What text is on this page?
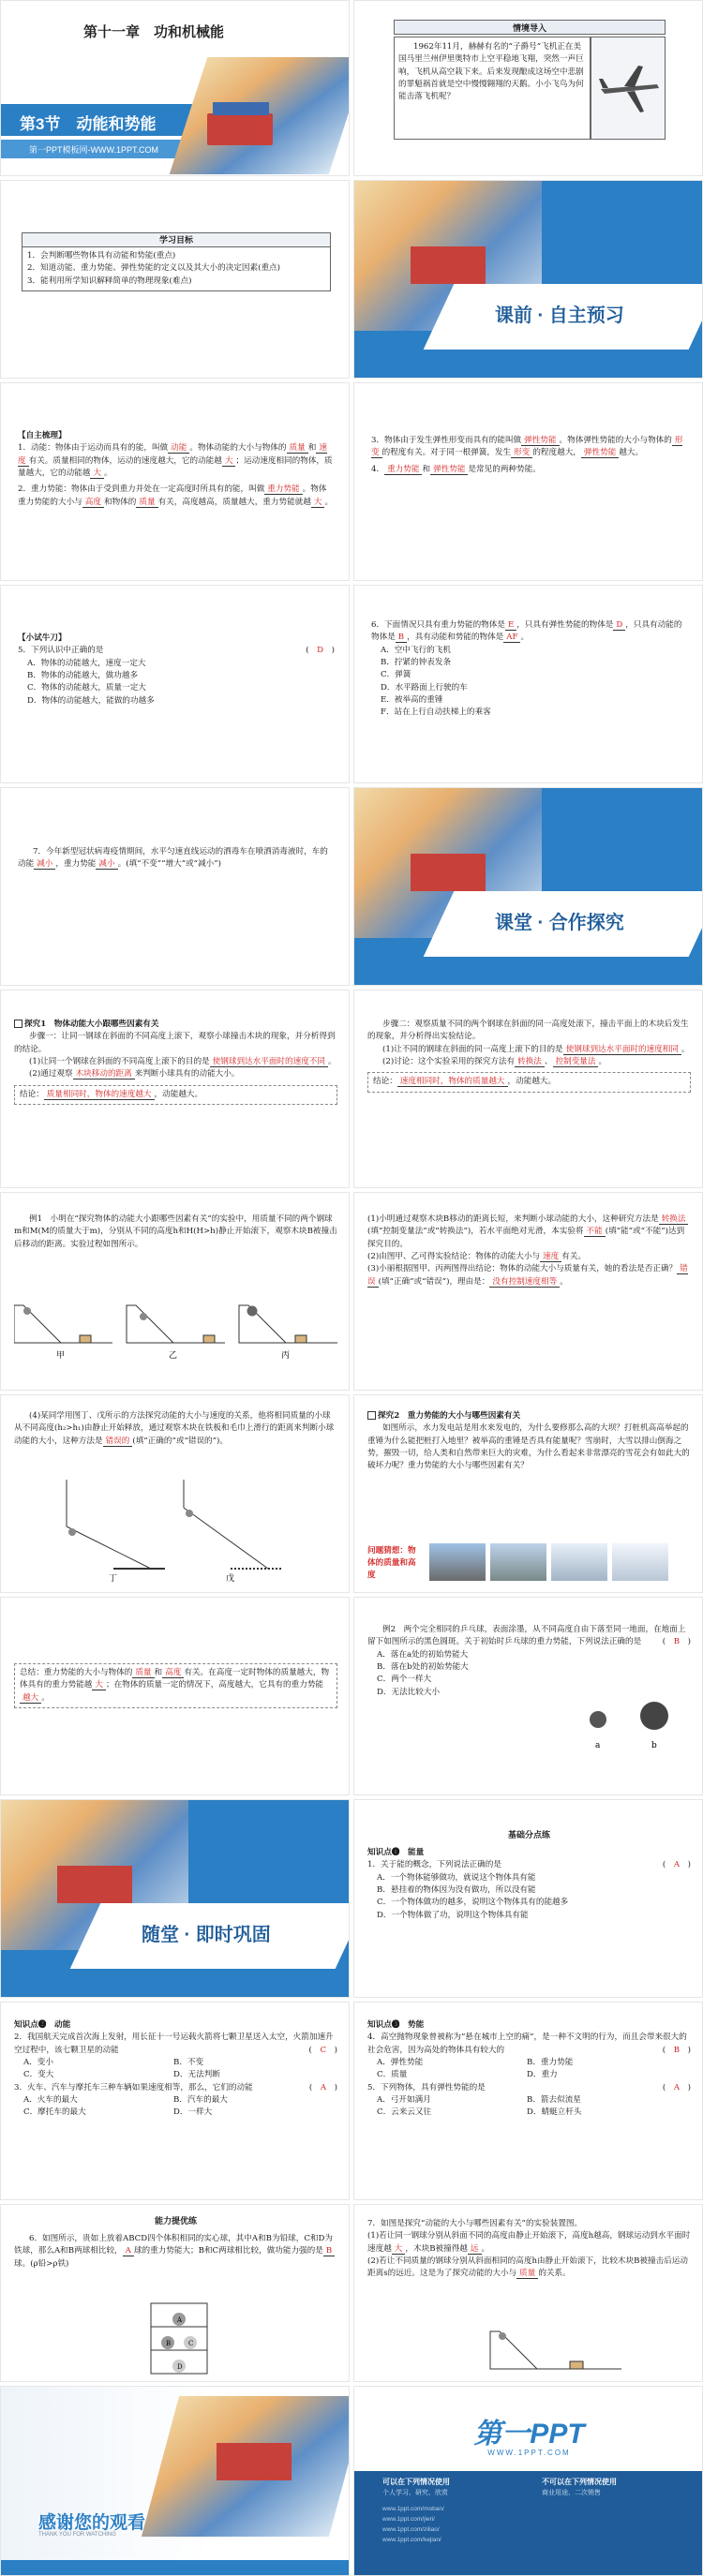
第十一章　功和机械能
第3节　动能和势能
第一PPT模板网-WWW.1PPT.COM
情境导入
1962年11月，赫赫有名的“子爵号”飞机正在美国马里兰州伊里奥特市上空平稳地飞翔，突然一声巨响，飞机从高空栽下来。后来发现酿成这场空中悲剧的罪魁祸首就是空中慢慢翱翔的天鹅。小小飞鸟为何能击落飞机呢？
学习目标
1．会判断哪些物体具有动能和势能(重点)
2．知道动能、重力势能、弹性势能的定义以及其大小的决定因素(重点)
3．能利用所学知识解释简单的物理现象(难点)
课前 · 自主预习
【自主梳理】
1．动能：物体由于运动而具有的能，叫做 动能 。物体动能的大小与物体的 质量 和 速度 有关。质量相同的物体，运动的速度越大，它的动能越 大 ；运动速度相同的物体，质量越大，它的动能越 大 。
2．重力势能：物体由于受到重力并处在一定高度时所具有的能，叫做 重力势能 。物体重力势能的大小与 高度 和物体的 质量 有关，高度越高，质量越大，重力势能就越 大 。
3．物体由于发生弹性形变而具有的能叫做 弹性势能 。物体弹性势能的大小与物体的 形变 的程度有关。对于同一根弹簧，发生 形变 的程度越大， 弹性势能 越大。
4． 重力势能 和 弹性势能 是常见的两种势能。
【小试牛刀】
5．下列认识中正确的是	(　D　)
A．物体的动能越大，速度一定大
B．物体的动能越大，做功越多
C．物体的动能越大，质量一定大
D．物体的动能越大，能做的功越多
6．下面情况只具有重力势能的物体是 E ，只具有弹性势能的物体是 D ，只具有动能的物体是 B ，具有动能和势能的物体是 AF 。
A．空中飞行的飞机
B．拧紧的钟表发条
C．弹簧
D．水平路面上行驶的车
E．被举高的重锤
F．站在上行自动扶梯上的乘客
7．今年新型冠状病毒疫情期间，水平匀速直线运动的洒毒车在喷洒消毒液时，车的动能 减小 ，重力势能 减小 。(填“不变”“增大”或“减小”)
课堂 · 合作探究
探究1　物体动能大小跟哪些因素有关
步骤一：让同一钢球在斜面的不同高度上滚下，观察小球撞击木块的现象，并分析得到的结论。
(1)让同一个钢球在斜面的不同高度上滚下的目的是 使钢球到达水平面时的速度不同 。
(2)通过观察 木块移动的距离 来判断小球具有的动能大小。
结论： 质量相同时，物体的速度越大 ，动能越大。
步骤二：观察质量不同的两个钢球在斜面的同一高度处滚下，撞击平面上的木块后发生的现象，并分析得出实验结论。
(1)让不同的钢球在斜面的同一高度上滚下的目的是 使钢球到达水平面时的速度相同 。
(2)讨论：这个实验采用的探究方法有 转换法 、 控制变量法 。
结论： 速度相同时，物体的质量越大 ，动能越大。
例1　小明在“探究物体的动能大小跟哪些因素有关”的实验中，用质量不同的两个钢球m和M(M的质量大于m)，分别从不同的高度h和H(H>h)静止开始滚下，观察木块B被撞击后移动的距离。实验过程如图所示。
甲	乙	丙
(1)小明通过观察木块B移动的距离长短，来判断小球动能的大小，这种研究方法是 转换法(填“控制变量法”或“转换法”)，若水平面绝对光滑，本实验将 不能 (填“能”或“不能”)达到探究目的。
(2)由图甲、乙可得实验结论：物体的动能大小与 速度 有关。
(3)小丽根据图甲、丙两图得出结论：物体的动能大小与质量有关，她的看法是否正确？ 错误 (填“正确”或“错误”)，理由是： 没有控制速度相等 。
(4)某同学用图丁、戊所示的方法探究动能的大小与速度的关系，他将相同质量的小球从不同高度(h₂>h₁)由静止开始释放，通过观察木块在铁板和毛巾上滑行的距离来判断小球动能的大小，这种方法是 错误的 (填“正确的”或“错误的”)。
丁	戊
探究2　重力势能的大小与哪些因素有关
如图所示，水力发电站是用水来发电的，为什么要修那么高的大坝？打桩机高高举起的重锤为什么能把桩打入地里？被举高的重锤是否具有能量呢？雪崩时，大雪以排山倒海之势，摧毁一切，给人类和自然带来巨大的灾难，为什么看起来非常漂亮的雪花会有如此大的破坏力呢？重力势能的大小与哪些因素有关？
问题猜想：物体的质量和高度
总结：重力势能的大小与物体的 质量 和 高度 有关。在高度一定时物体的质量越大，物体具有的重力势能越 大 ；在物体的质量一定的情况下，高度越大，它具有的重力势能越大 。
例2　两个完全相同的乒乓球，表面涂墨，从不同高度自由下落至同一地面，在地面上留下如图所示的黑色圆斑。关于初始时乒乓球的重力势能，下列说法正确的是	(　B　)
A．落在a处的初始势能大
B．落在b处的初始势能大
C．两个一样大
D．无法比较大小
a	b
随堂 · 即时巩固
基础分点练
知识点❶　能量
1．关于能的概念，下列说法正确的是	(　A　)
A．一个物体能够做功，就说这个物体具有能
B．悬挂着的物体因为没有做功，所以没有能
C．一个物体做功的越多，说明这个物体具有的能越多
D．一个物体做了功，说明这个物体具有能
知识点❷　动能
2．我国航天完成首次海上发射，用长征十一号运载火箭将七颗卫星送入太空，火箭加速升空过程中，该七颗卫星的动能	(　C　)
A．变小	B．不变
C．变大	D．无法判断
3．火车、汽车与摩托车三种车辆如果速度相等，那么，它们的动能	(　A　)
A．火车的最大	B．汽车的最大
C．摩托车的最大	D．一样大
知识点❸　势能
4．高空抛物现象曾被称为“悬在城市上空的痛”，是一种不文明的行为，而且会带来很大的社会危害，因为高处的物体具有较大的	(　B　)
A．弹性势能	B．重力势能
C．质量	D．重力
5．下列物体，具有弹性势能的是	(　A　)
A．弓开如满月	B．箭去似流星
C．云来云又往	D．蜻蜓立杆头
能力提优练
6．如图所示，贵如上放着ABCD四个体积相同的实心球，其中A和B为铅球，C和D为铁球，那么A和B两球相比较， A 球的重力势能大；B和C两球相比较，做功能力强的是 B球。(ρ铅>ρ铁)
A
B	C
D
7．如图是探究“动能的大小与哪些因素有关”的实验装置图。
(1)若让同一钢球分别从斜面不同的高度由静止开始滚下，高度h越高，钢球运动到水平面时速度越 大 ，木块B被撞得越 远 。
(2)若让不同质量的钢球分别从斜面相同的高度h由静止开始滚下，比较木块B被撞击后运动距离s的远近。这是为了探究动能的大小与 质量 的关系。
感谢您的观看
THANK YOU FOR WATCHING
第一PPT
WWW.1PPT.COM
可以在下列情况使用
个人学习、研究、欣赏
不可以在下列情况使用
商业用途、二次销售
www.1ppt.com/moban/
www.1ppt.com/jieri/
www.1ppt.com/ziliao/
www.1ppt.com/kejian/
